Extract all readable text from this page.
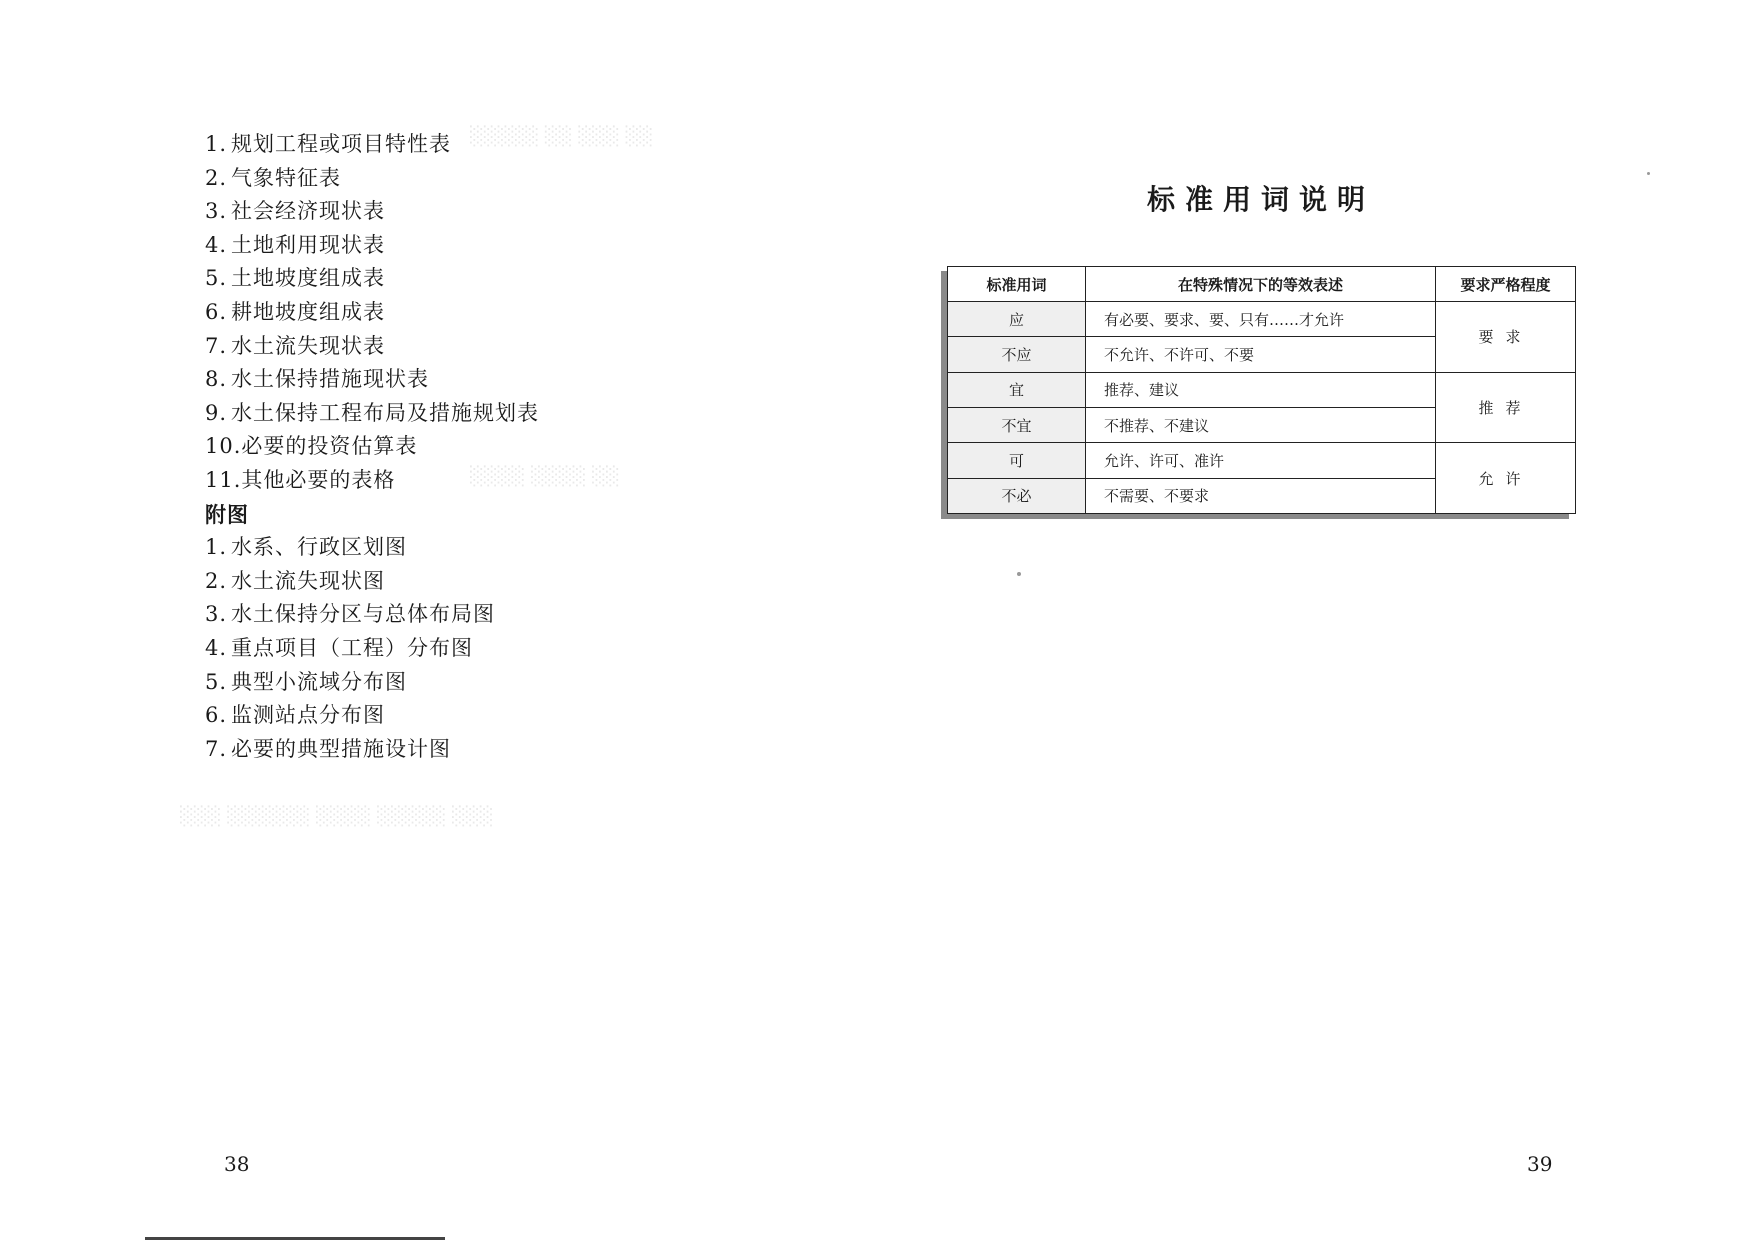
░░░░░ ░░ ░░░ ░░
░░░░ ░░░░ ░░
░░░ ░░░░░░ ░░░░ ░░░░░ ░░░
1. 规划工程或项目特性表
2. 气象特征表
3. 社会经济现状表
4. 土地利用现状表
5. 土地坡度组成表
6. 耕地坡度组成表
7. 水土流失现状表
8. 水土保持措施现状表
9. 水土保持工程布局及措施规划表
10.必要的投资估算表
11.其他必要的表格
附图
1. 水系、行政区划图
2. 水土流失现状图
3. 水土保持分区与总体布局图
4. 重点项目（工程）分布图
5. 典型小流域分布图
6. 监测站点分布图
7. 必要的典型措施设计图
38
标准用词说明
标准用词	在特殊情况下的等效表述	要求严格程度
应	有必要、要求、要、只有……才允许	要求
不应	不允许、不许可、不要	
宜	推荐、建议	推荐
不宜	不推荐、不建议	
可	允许、许可、准许	允许
不必	不需要、不要求	
39
